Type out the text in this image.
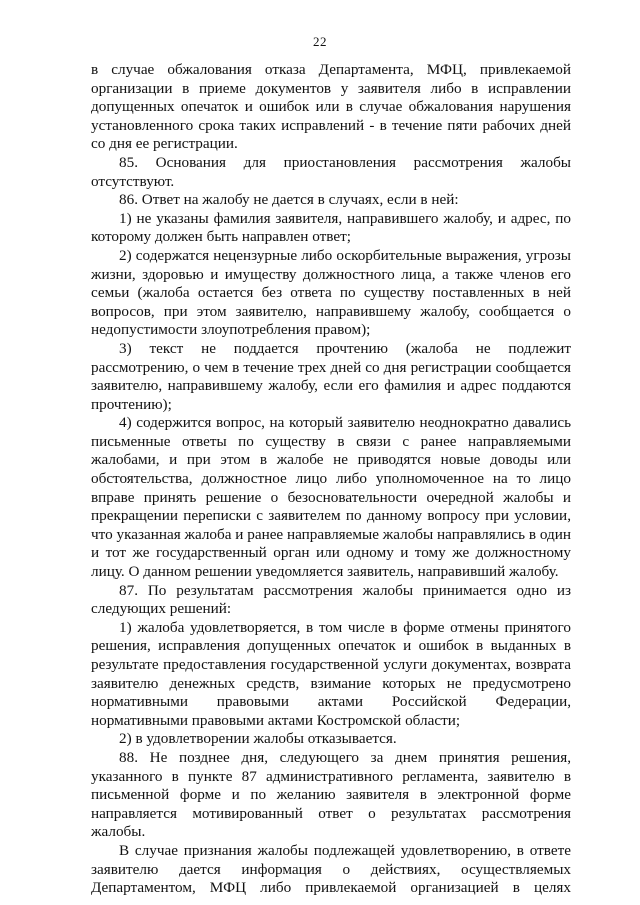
22

в случае обжалования отказа Департамента, МФЦ, привлекаемой организации в приеме документов у заявителя либо в исправлении допущенных опечаток и ошибок или в случае обжалования нарушения установленного срока таких исправлений - в течение пяти рабочих дней со дня ее регистрации.

85. Основания для приостановления рассмотрения жалобы отсутствуют.

86. Ответ на жалобу не дается в случаях, если в ней:

1) не указаны фамилия заявителя, направившего жалобу, и адрес, по которому должен быть направлен ответ;

2) содержатся нецензурные либо оскорбительные выражения, угрозы жизни, здоровью и имуществу должностного лица, а также членов его семьи (жалоба остается без ответа по существу поставленных в ней вопросов, при этом заявителю, направившему жалобу, сообщается о недопустимости злоупотребления правом);

3) текст не поддается прочтению (жалоба не подлежит рассмотрению, о чем в течение трех дней со дня регистрации сообщается заявителю, направившему жалобу, если его фамилия и адрес поддаются прочтению);

4) содержится вопрос, на который заявителю неоднократно давались письменные ответы по существу в связи с ранее направляемыми жалобами, и при этом в жалобе не приводятся новые доводы или обстоятельства, должностное лицо либо уполномоченное на то лицо вправе принять решение о безосновательности очередной жалобы и прекращении переписки с заявителем по данному вопросу при условии, что указанная жалоба и ранее направляемые жалобы направлялись в один и тот же государственный орган или одному и тому же должностному лицу. О данном решении уведомляется заявитель, направивший жалобу.

87. По результатам рассмотрения жалобы принимается одно из следующих решений:

1) жалоба удовлетворяется, в том числе в форме отмены принятого решения, исправления допущенных опечаток и ошибок в выданных в результате предоставления государственной услуги документах, возврата заявителю денежных средств, взимание которых не предусмотрено нормативными правовыми актами Российской Федерации, нормативными правовыми актами Костромской области;

2) в удовлетворении жалобы отказывается.

88. Не позднее дня, следующего за днем принятия решения, указанного в пункте 87 административного регламента, заявителю в письменной форме и по желанию заявителя в электронной форме направляется мотивированный ответ о результатах рассмотрения жалобы.

В случае признания жалобы подлежащей удовлетворению, в ответе заявителю дается информация о действиях, осуществляемых Департаментом, МФЦ либо привлекаемой организацией в целях
